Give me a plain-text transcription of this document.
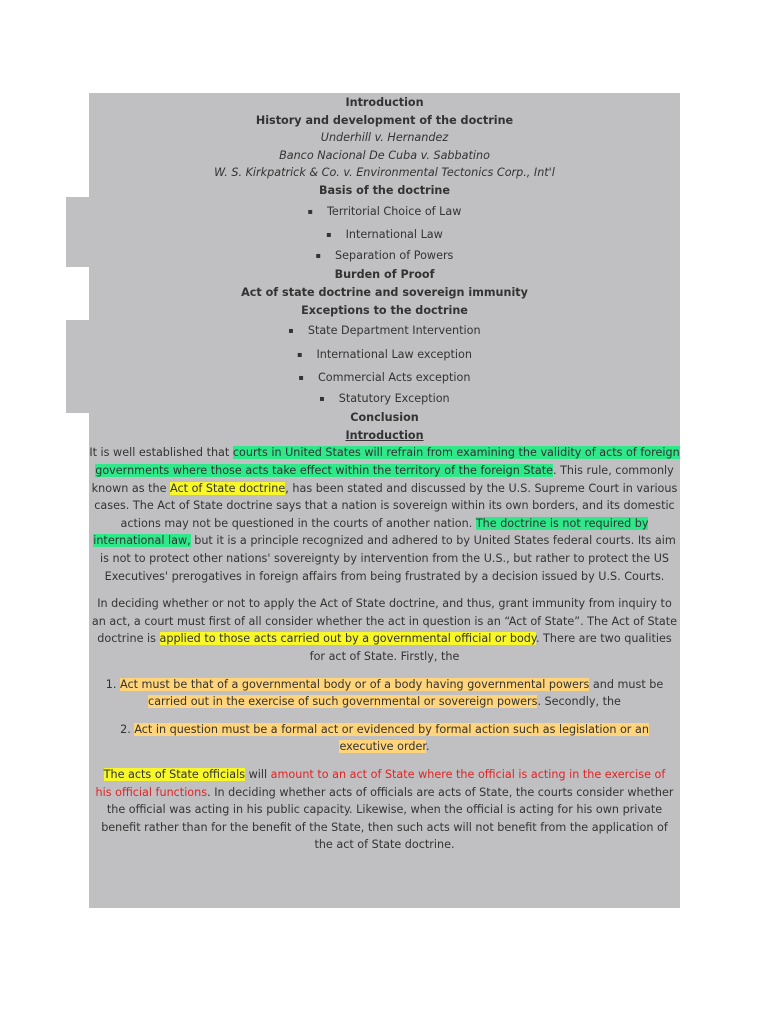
Introduction
History and development of the doctrine
Underhill v. Hernandez
Banco Nacional De Cuba v. Sabbatino
W. S. Kirkpatrick & Co. v. Environmental Tectonics Corp., Int'l
Basis of the doctrine
▪ Territorial Choice of Law
▪ International Law
▪ Separation of Powers
Burden of Proof
Act of state doctrine and sovereign immunity
Exceptions to the doctrine
▪ State Department Intervention
▪ International Law exception
▪ Commercial Acts exception
▪ Statutory Exception
Conclusion
Introduction

It is well established that courts in United States will refrain from examining the validity of acts of foreign governments where those acts take effect within the territory of the foreign State. This rule, commonly known as the Act of State doctrine, has been stated and discussed by the U.S. Supreme Court in various cases. The Act of State doctrine says that a nation is sovereign within its own borders, and its domestic actions may not be questioned in the courts of another nation. The doctrine is not required by international law, but it is a principle recognized and adhered to by United States federal courts. Its aim is not to protect other nations' sovereignty by intervention from the U.S., but rather to protect the US Executives' prerogatives in foreign affairs from being frustrated by a decision issued by U.S. Courts.

In deciding whether or not to apply the Act of State doctrine, and thus, grant immunity from inquiry to an act, a court must first of all consider whether the act in question is an “Act of State”. The Act of State doctrine is applied to those acts carried out by a governmental official or body. There are two qualities for act of State. Firstly, the

1. Act must be that of a governmental body or of a body having governmental powers and must be carried out in the exercise of such governmental or sovereign powers. Secondly, the

2. Act in question must be a formal act or evidenced by formal action such as legislation or an executive order.

The acts of State officials will amount to an act of State where the official is acting in the exercise of his official functions. In deciding whether acts of officials are acts of State, the courts consider whether the official was acting in his public capacity. Likewise, when the official is acting for his own private benefit rather than for the benefit of the State, then such acts will not benefit from the application of the act of State doctrine.
